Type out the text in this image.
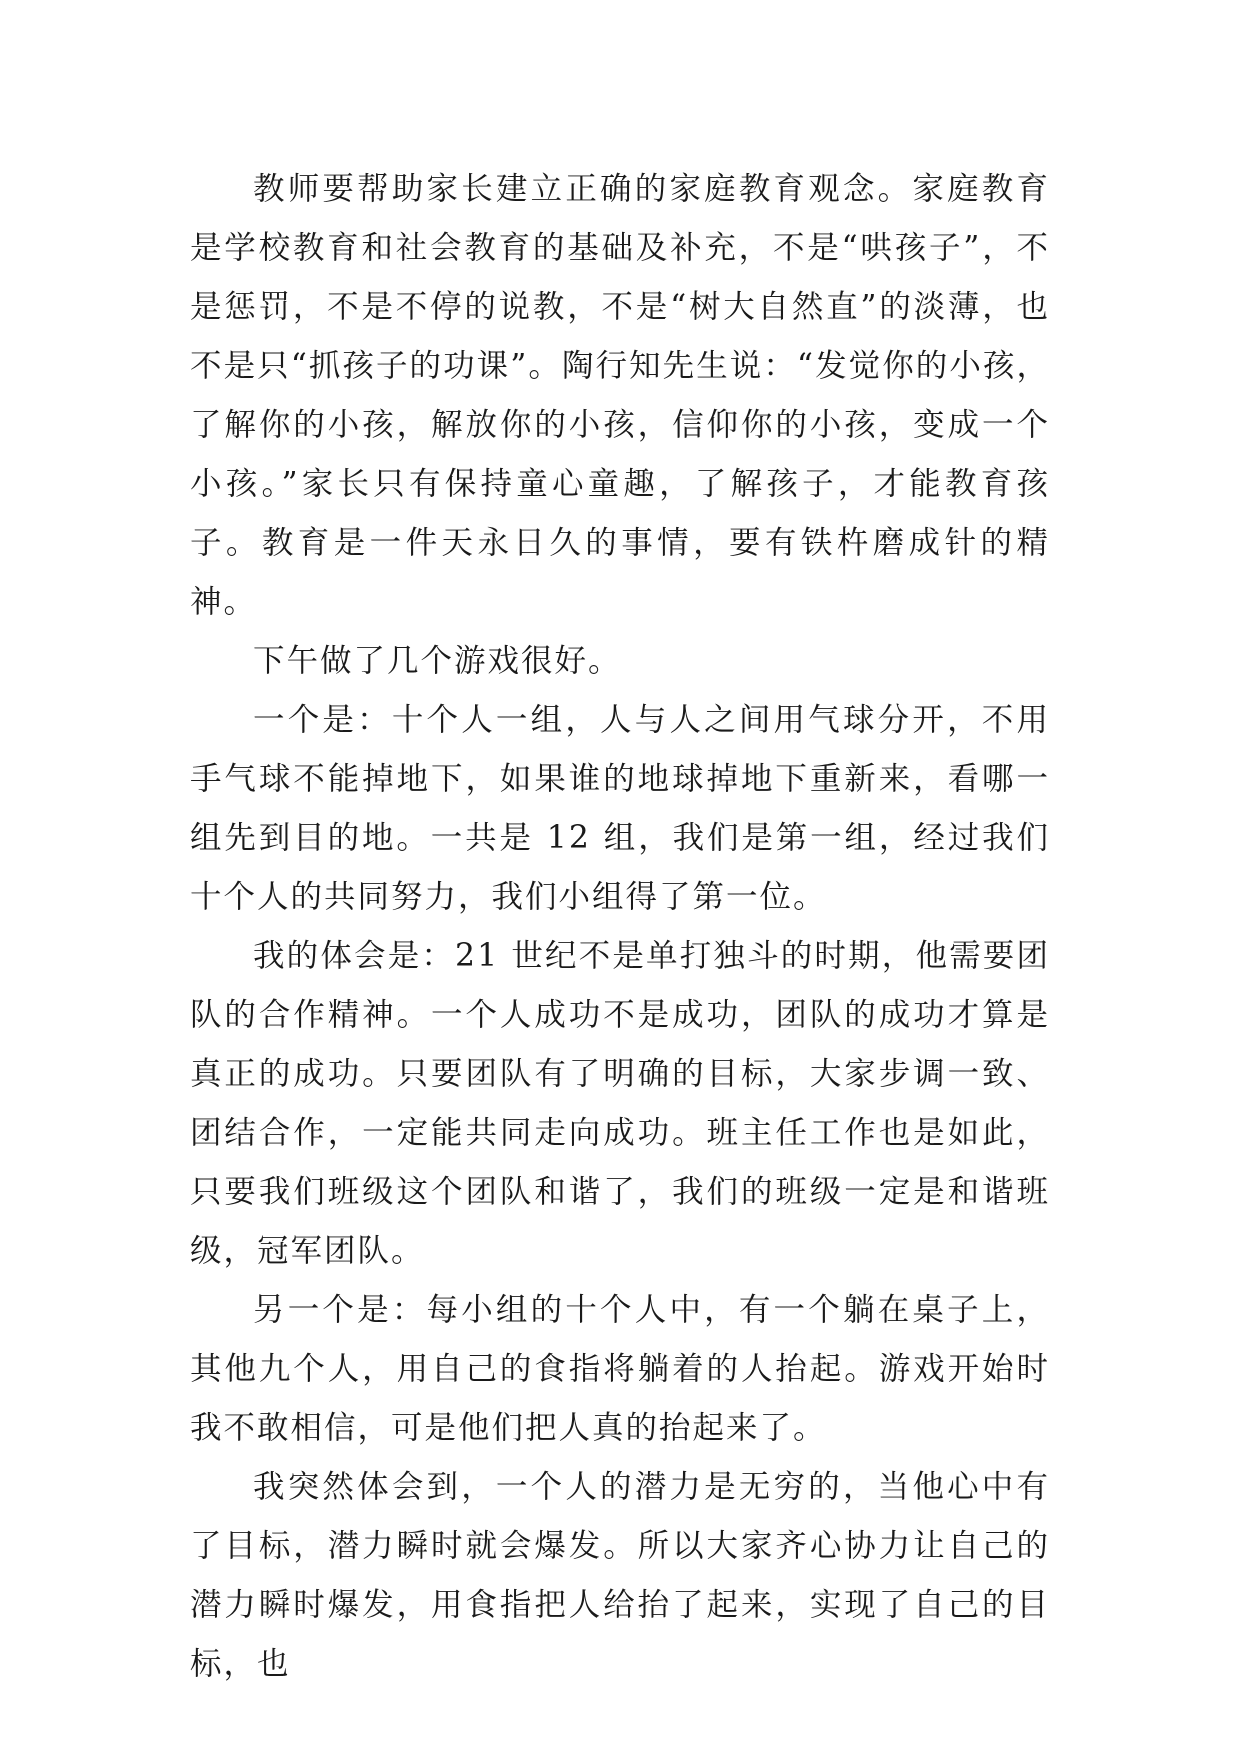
教师要帮助家长建立正确的家庭教育观念。家庭教育是学校教育和社会教育的基础及补充，不是“哄孩子”，不是惩罚，不是不停的说教，不是“树大自然直”的淡薄，也不是只“抓孩子的功课”。陶行知先生说：“发觉你的小孩，了解你的小孩，解放你的小孩，信仰你的小孩，变成一个小孩。”家长只有保持童心童趣，了解孩子，才能教育孩子。教育是一件天永日久的事情，要有铁杵磨成针的精神。

下午做了几个游戏很好。

一个是：十个人一组，人与人之间用气球分开，不用手气球不能掉地下，如果谁的地球掉地下重新来，看哪一组先到目的地。一共是 12 组，我们是第一组，经过我们十个人的共同努力，我们小组得了第一位。

我的体会是：21 世纪不是单打独斗的时期，他需要团队的合作精神。一个人成功不是成功，团队的成功才算是真正的成功。只要团队有了明确的目标，大家步调一致、团结合作，一定能共同走向成功。班主任工作也是如此，只要我们班级这个团队和谐了，我们的班级一定是和谐班级，冠军团队。

另一个是：每小组的十个人中，有一个躺在桌子上，其他九个人，用自己的食指将躺着的人抬起。游戏开始时我不敢相信，可是他们把人真的抬起来了。

我突然体会到，一个人的潜力是无穷的，当他心中有了目标，潜力瞬时就会爆发。所以大家齐心协力让自己的潜力瞬时爆发，用食指把人给抬了起来，实现了自己的目标，也
